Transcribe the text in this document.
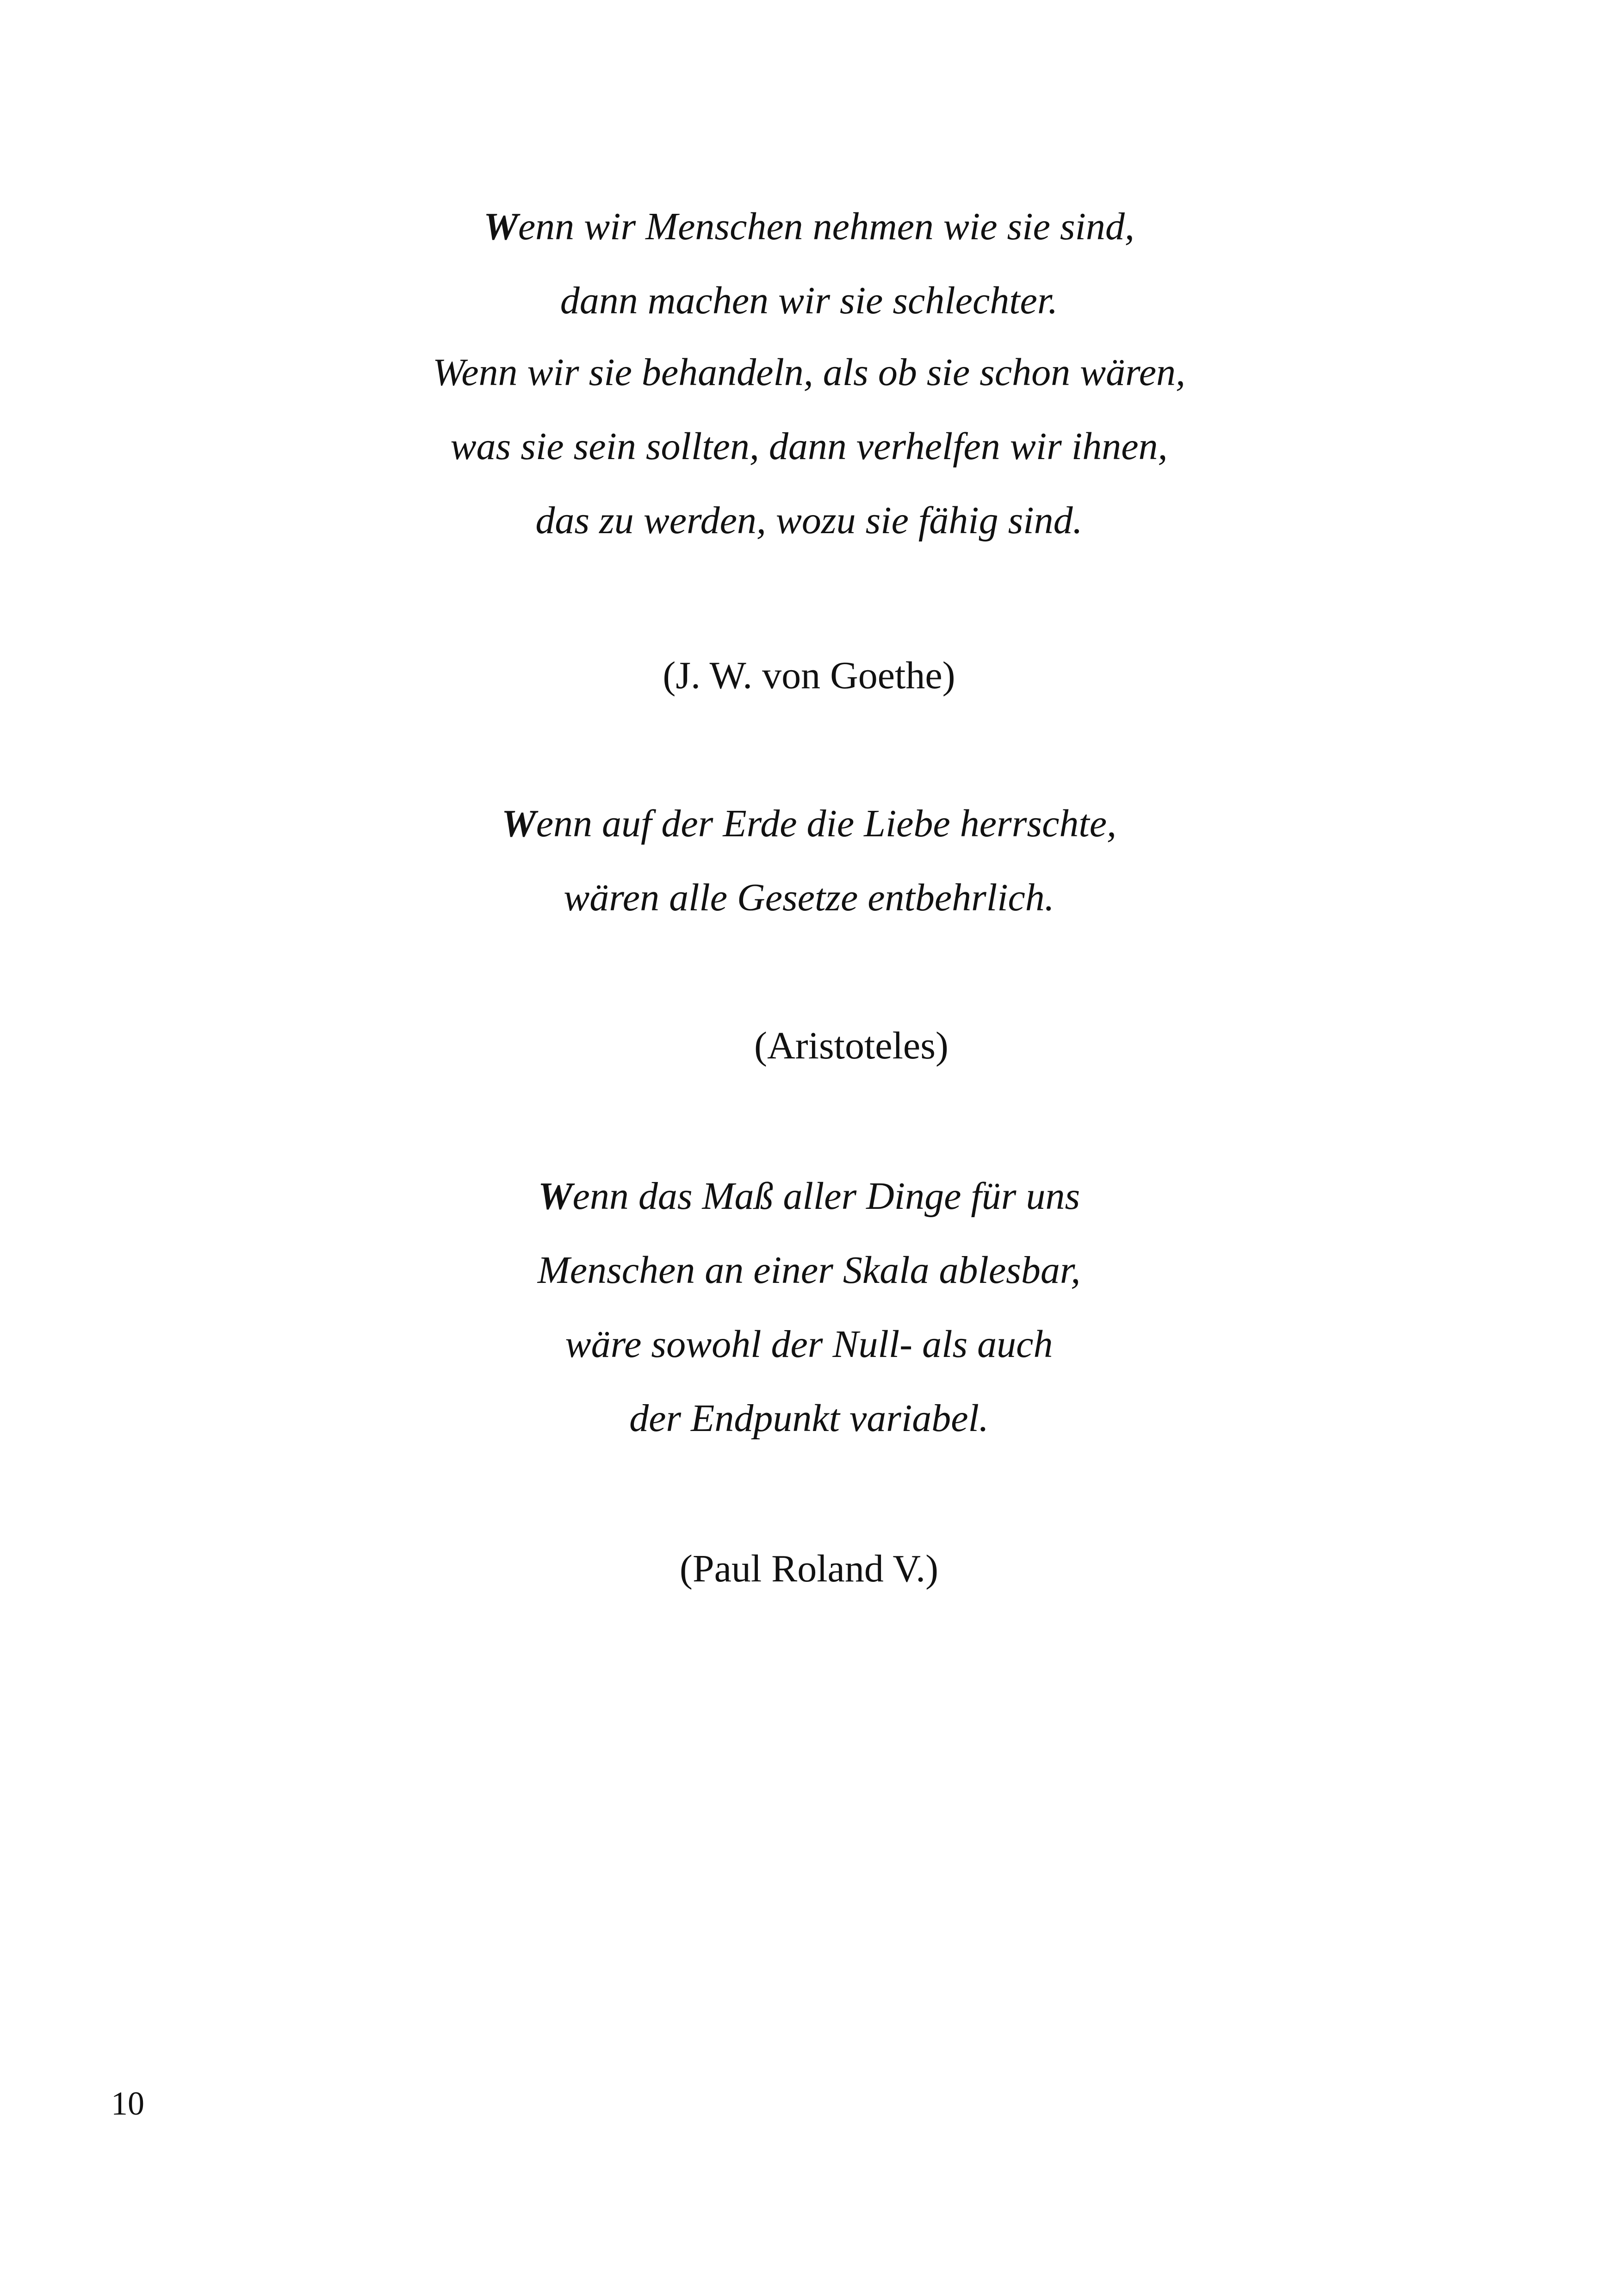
Wenn wir Menschen nehmen wie sie sind,
dann machen wir sie schlechter.
Wenn wir sie behandeln, als ob sie schon wären,
was sie sein sollten, dann verhelfen wir ihnen,
das zu werden, wozu sie fähig sind.
(J. W. von Goethe)
Wenn auf der Erde die Liebe herrschte,
wären alle Gesetze entbehrlich.
(Aristoteles)
Wenn das Maß aller Dinge für uns
Menschen an einer Skala ablesbar,
wäre sowohl der Null- als auch
der Endpunkt variabel.
(Paul Roland V.)
10
